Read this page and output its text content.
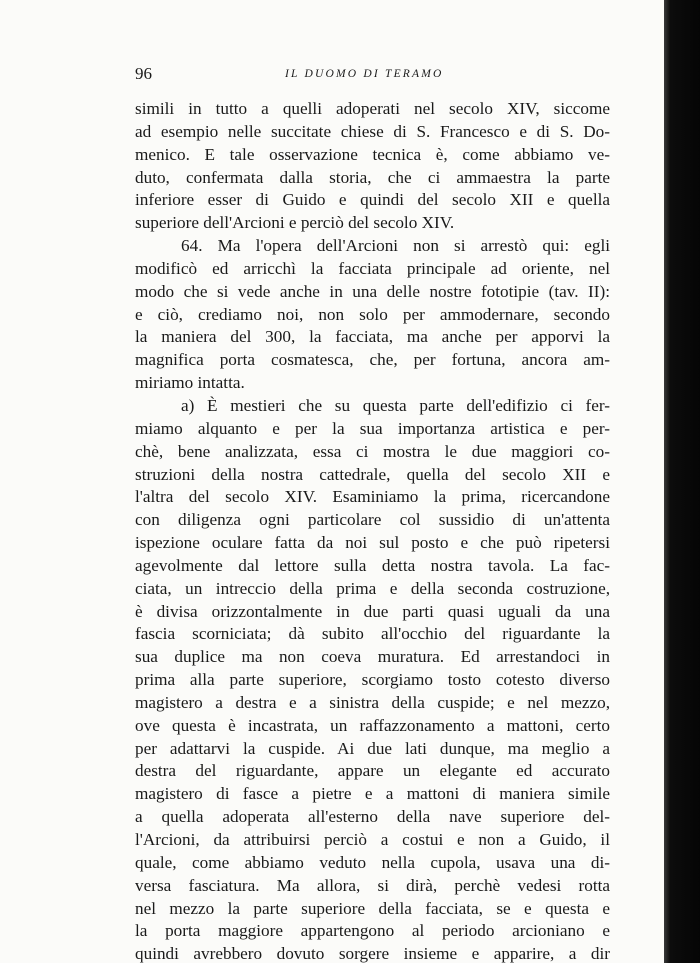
96	IL DUOMO DI TERAMO
simili in tutto a quelli adoperati nel secolo XIV, siccome
ad esempio nelle succitate chiese di S. Francesco e di S. Do-
menico. E tale osservazione tecnica è, come abbiamo ve-
duto, confermata dalla storia, che ci ammaestra la parte
inferiore esser di Guido e quindi del secolo XII e quella
superiore dell'Arcioni e perciò del secolo XIV.
64. Ma l'opera dell'Arcioni non si arrestò qui: egli
modificò ed arricchì la facciata principale ad oriente, nel
modo che si vede anche in una delle nostre fototipie (tav. II):
e ciò, crediamo noi, non solo per ammodernare, secondo
la maniera del 300, la facciata, ma anche per apporvi la
magnifica porta cosmatesca, che, per fortuna, ancora am-
miriamo intatta.
a) È mestieri che su questa parte dell'edifizio ci fer-
miamo alquanto e per la sua importanza artistica e per-
chè, bene analizzata, essa ci mostra le due maggiori co-
struzioni della nostra cattedrale, quella del secolo XII e
l'altra del secolo XIV. Esaminiamo la prima, ricercandone
con diligenza ogni particolare col sussidio di un'attenta
ispezione oculare fatta da noi sul posto e che può ripetersi
agevolmente dal lettore sulla detta nostra tavola. La fac-
ciata, un intreccio della prima e della seconda costruzione,
è divisa orizzontalmente in due parti quasi uguali da una
fascia scorniciata; dà subito all'occhio del riguardante la
sua duplice ma non coeva muratura. Ed arrestandoci in
prima alla parte superiore, scorgiamo tosto cotesto diverso
magistero a destra e a sinistra della cuspide; e nel mezzo,
ove questa è incastrata, un raffazzonamento a mattoni, certo
per adattarvi la cuspide. Ai due lati dunque, ma meglio a
destra del riguardante, appare un elegante ed accurato
magistero di fasce a pietre e a mattoni di maniera simile
a quella adoperata all'esterno della nave superiore del-
l'Arcioni, da attribuirsi perciò a costui e non a Guido, il
quale, come abbiamo veduto nella cupola, usava una di-
versa fasciatura. Ma allora, si dirà, perchè vedesi rotta
nel mezzo la parte superiore della facciata, se e questa e
la porta maggiore appartengono al periodo arcioniano e
quindi avrebbero dovuto sorgere insieme e apparire, a dir
